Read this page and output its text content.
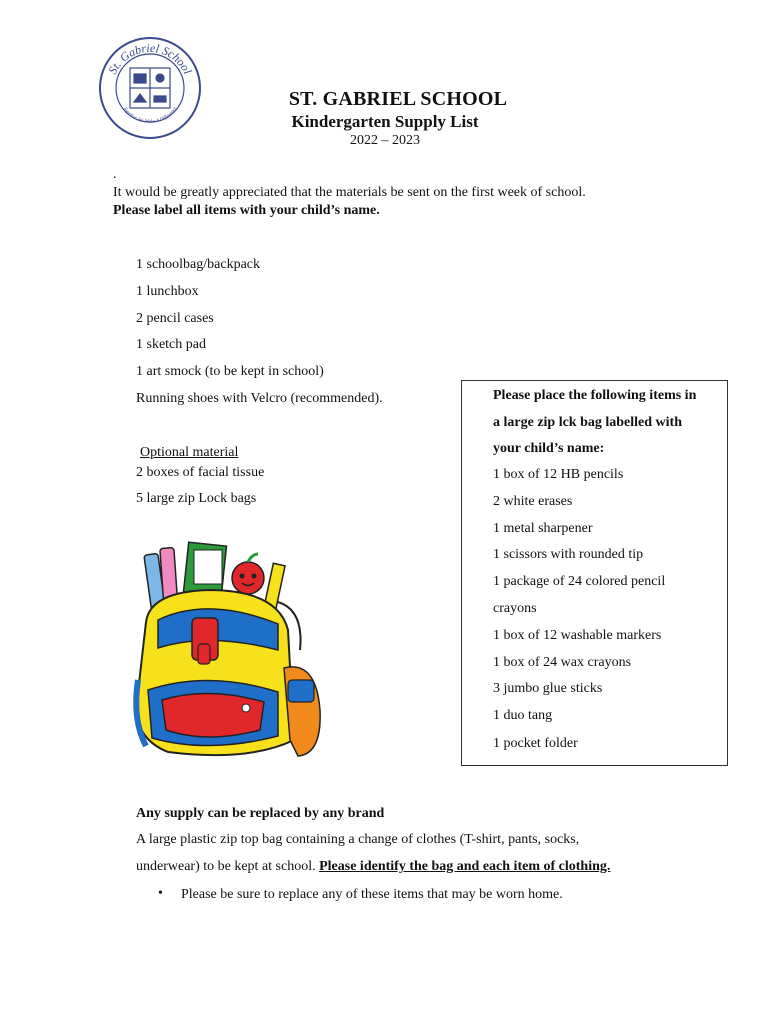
St. Gabriel School
Together We Make A Difference	ST. GABRIEL SCHOOL
Kindergarten Supply List
2022 – 2023
.
It would be greatly appreciated that the materials be sent on the first week of school.
Please label all items with your child’s name.
1 schoolbag/backpack
1 lunchbox
2 pencil cases
1 sketch pad
1 art smock (to be kept in school)
Running shoes with Velcro (recommended).
Optional material
2 boxes of facial tissue
5 large zip Lock bags
Please place the following items in
a large zip lck bag labelled with
your child’s name:
1 box of 12 HB pencils
2 white erases
1 metal sharpener
1 scissors with rounded tip
1 package of 24 colored pencil
crayons
1 box of 12 washable markers
1 box of 24 wax crayons
3 jumbo glue sticks
1 duo tang
1 pocket folder
Any supply can be replaced by any brand
A large plastic zip top bag containing a change of clothes (T-shirt, pants, socks,
underwear) to be kept at school. Please identify the bag and each item of clothing.
• Please be sure to replace any of these items that may be worn home.
